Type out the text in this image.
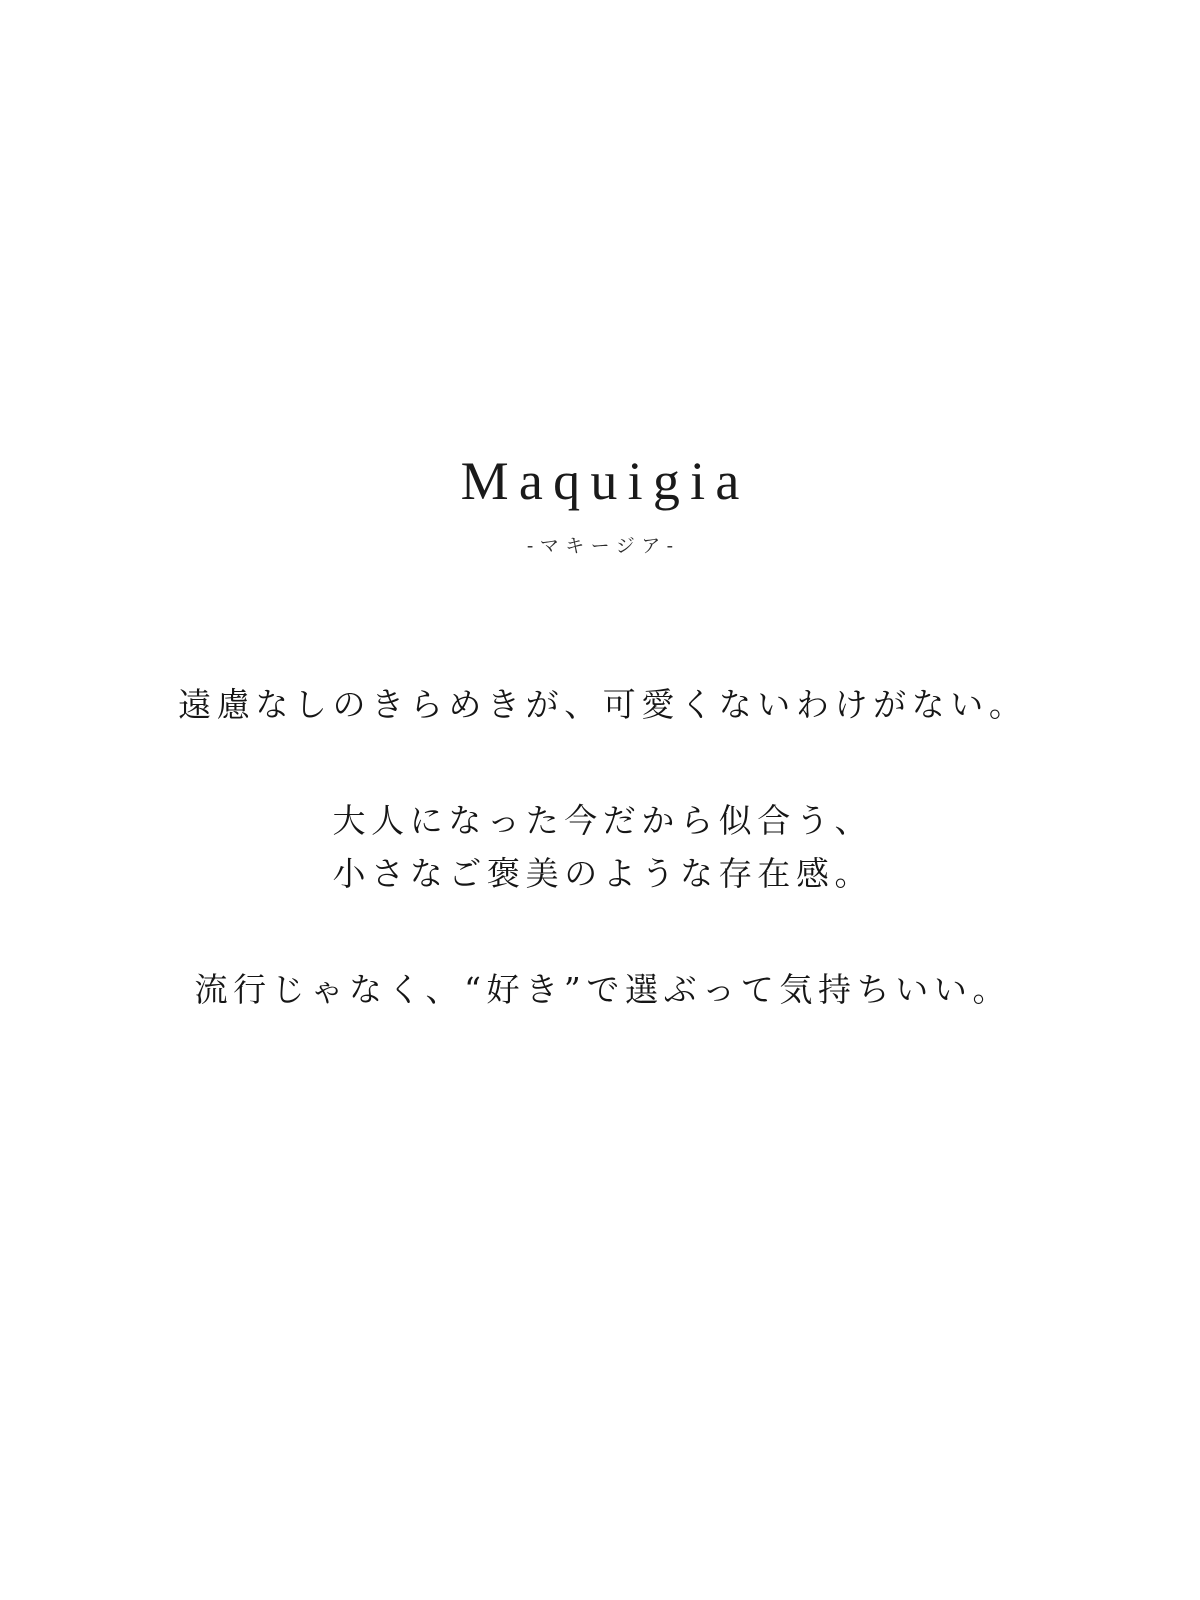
Maquigia

-マキージア-

遠慮なしのきらめきが、可愛くないわけがない。

大人になった今だから似合う、
小さなご褒美のような存在感。

流行じゃなく、“好き”で選ぶって気持ちいい。
